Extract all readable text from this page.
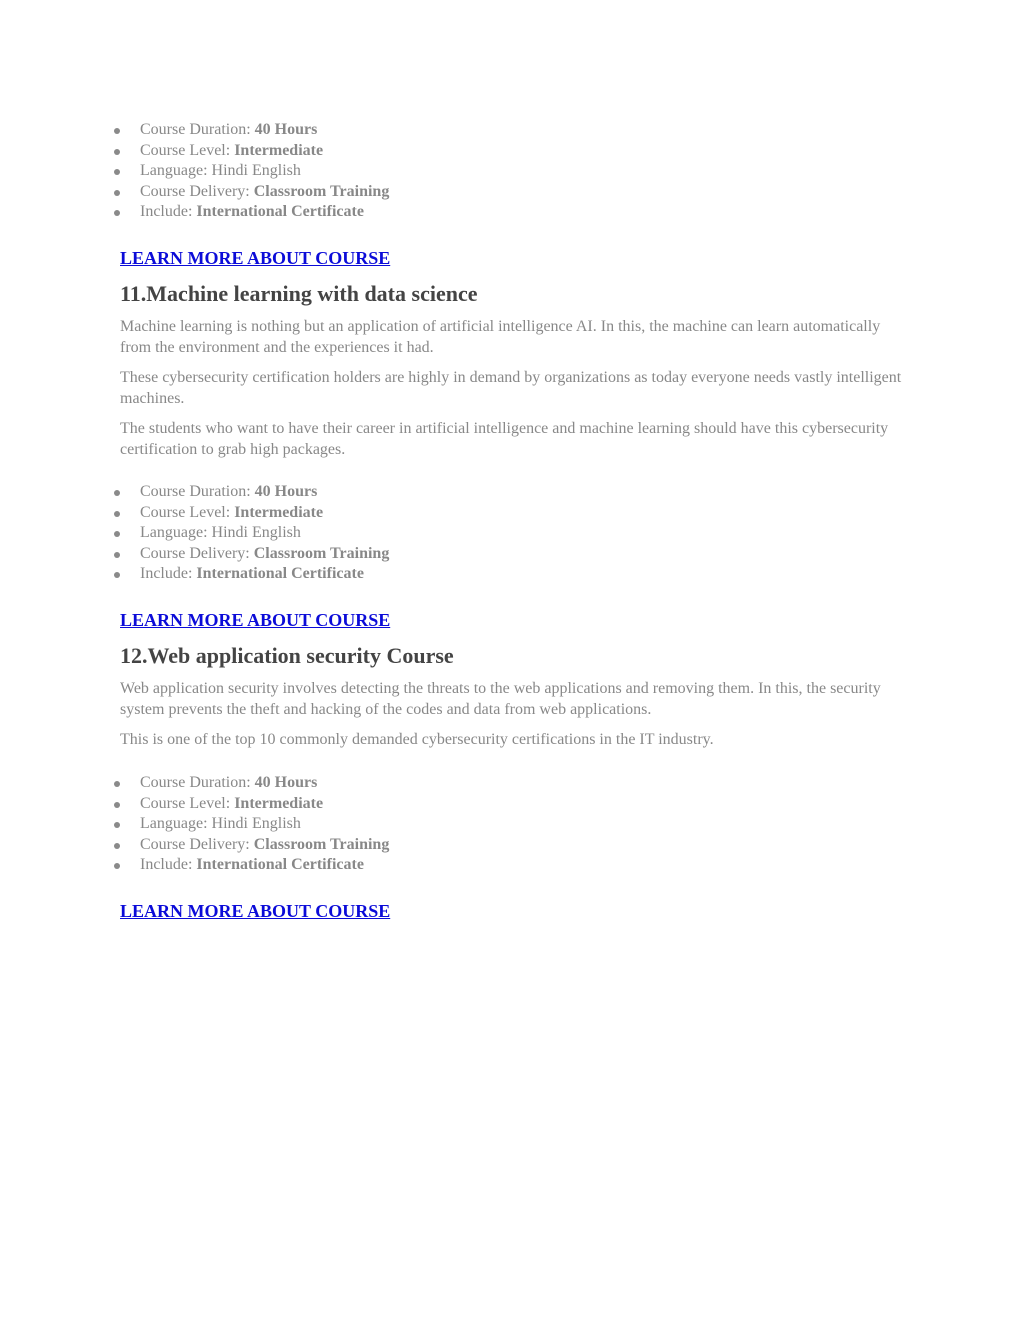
Course Duration: 40 Hours
Course Level: Intermediate
Language: Hindi English
Course Delivery: Classroom Training
Include: International Certificate
LEARN MORE ABOUT COURSE
11.Machine learning with data science

Machine learning is nothing but an application of artificial intelligence AI. In this, the machine can learn automatically from the environment and the experiences it had.

These cybersecurity certification holders are highly in demand by organizations as today everyone needs vastly intelligent machines.

The students who want to have their career in artificial intelligence and machine learning should have this cybersecurity certification to grab high packages.

Course Duration: 40 Hours
Course Level: Intermediate
Language: Hindi English
Course Delivery: Classroom Training
Include: International Certificate
LEARN MORE ABOUT COURSE
12.Web application security Course

Web application security involves detecting the threats to the web applications and removing them. In this, the security system prevents the theft and hacking of the codes and data from web applications.

This is one of the top 10 commonly demanded cybersecurity certifications in the IT industry.

Course Duration: 40 Hours
Course Level: Intermediate
Language: Hindi English
Course Delivery: Classroom Training
Include: International Certificate
LEARN MORE ABOUT COURSE
